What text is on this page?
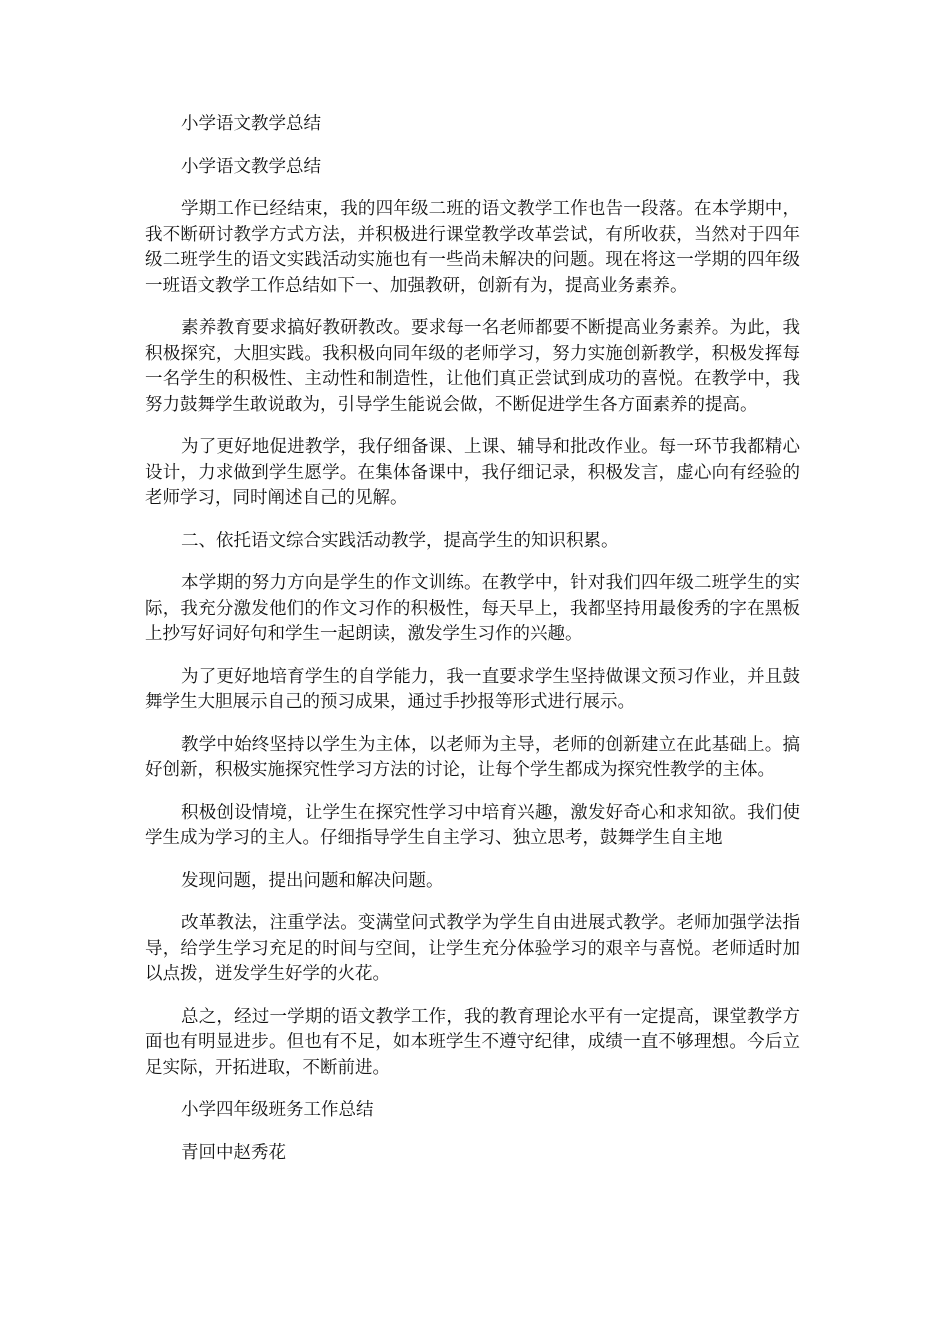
小学语文教学总结

小学语文教学总结

学期工作已经结束，我的四年级二班的语文教学工作也告一段落。在本学期中，我不断研讨教学方式方法，并积极进行课堂教学改革尝试，有所收获，当然对于四年级二班学生的语文实践活动实施也有一些尚未解决的问题。现在将这一学期的四年级一班语文教学工作总结如下一、加强教研，创新有为，提高业务素养。

素养教育要求搞好教研教改。要求每一名老师都要不断提高业务素养。为此，我积极探究，大胆实践。我积极向同年级的老师学习，努力实施创新教学，积极发挥每一名学生的积极性、主动性和制造性，让他们真正尝试到成功的喜悦。在教学中，我努力鼓舞学生敢说敢为，引导学生能说会做，不断促进学生各方面素养的提高。

为了更好地促进教学，我仔细备课、上课、辅导和批改作业。每一环节我都精心设计，力求做到学生愿学。在集体备课中，我仔细记录，积极发言，虚心向有经验的老师学习，同时阐述自己的见解。

二、依托语文综合实践活动教学，提高学生的知识积累。

本学期的努力方向是学生的作文训练。在教学中，针对我们四年级二班学生的实际，我充分激发他们的作文习作的积极性，每天早上，我都坚持用最俊秀的字在黑板上抄写好词好句和学生一起朗读，激发学生习作的兴趣。

为了更好地培育学生的自学能力，我一直要求学生坚持做课文预习作业，并且鼓舞学生大胆展示自己的预习成果，通过手抄报等形式进行展示。

教学中始终坚持以学生为主体，以老师为主导，老师的创新建立在此基础上。搞好创新，积极实施探究性学习方法的讨论，让每个学生都成为探究性教学的主体。

积极创设情境，让学生在探究性学习中培育兴趣，激发好奇心和求知欲。我们使学生成为学习的主人。仔细指导学生自主学习、独立思考，鼓舞学生自主地

发现问题，提出问题和解决问题。

改革教法，注重学法。变满堂问式教学为学生自由进展式教学。老师加强学法指导，给学生学习充足的时间与空间，让学生充分体验学习的艰辛与喜悦。老师适时加以点拨，迸发学生好学的火花。

总之，经过一学期的语文教学工作，我的教育理论水平有一定提高，课堂教学方面也有明显进步。但也有不足，如本班学生不遵守纪律，成绩一直不够理想。今后立足实际，开拓进取，不断前进。

小学四年级班务工作总结

青回中赵秀花
